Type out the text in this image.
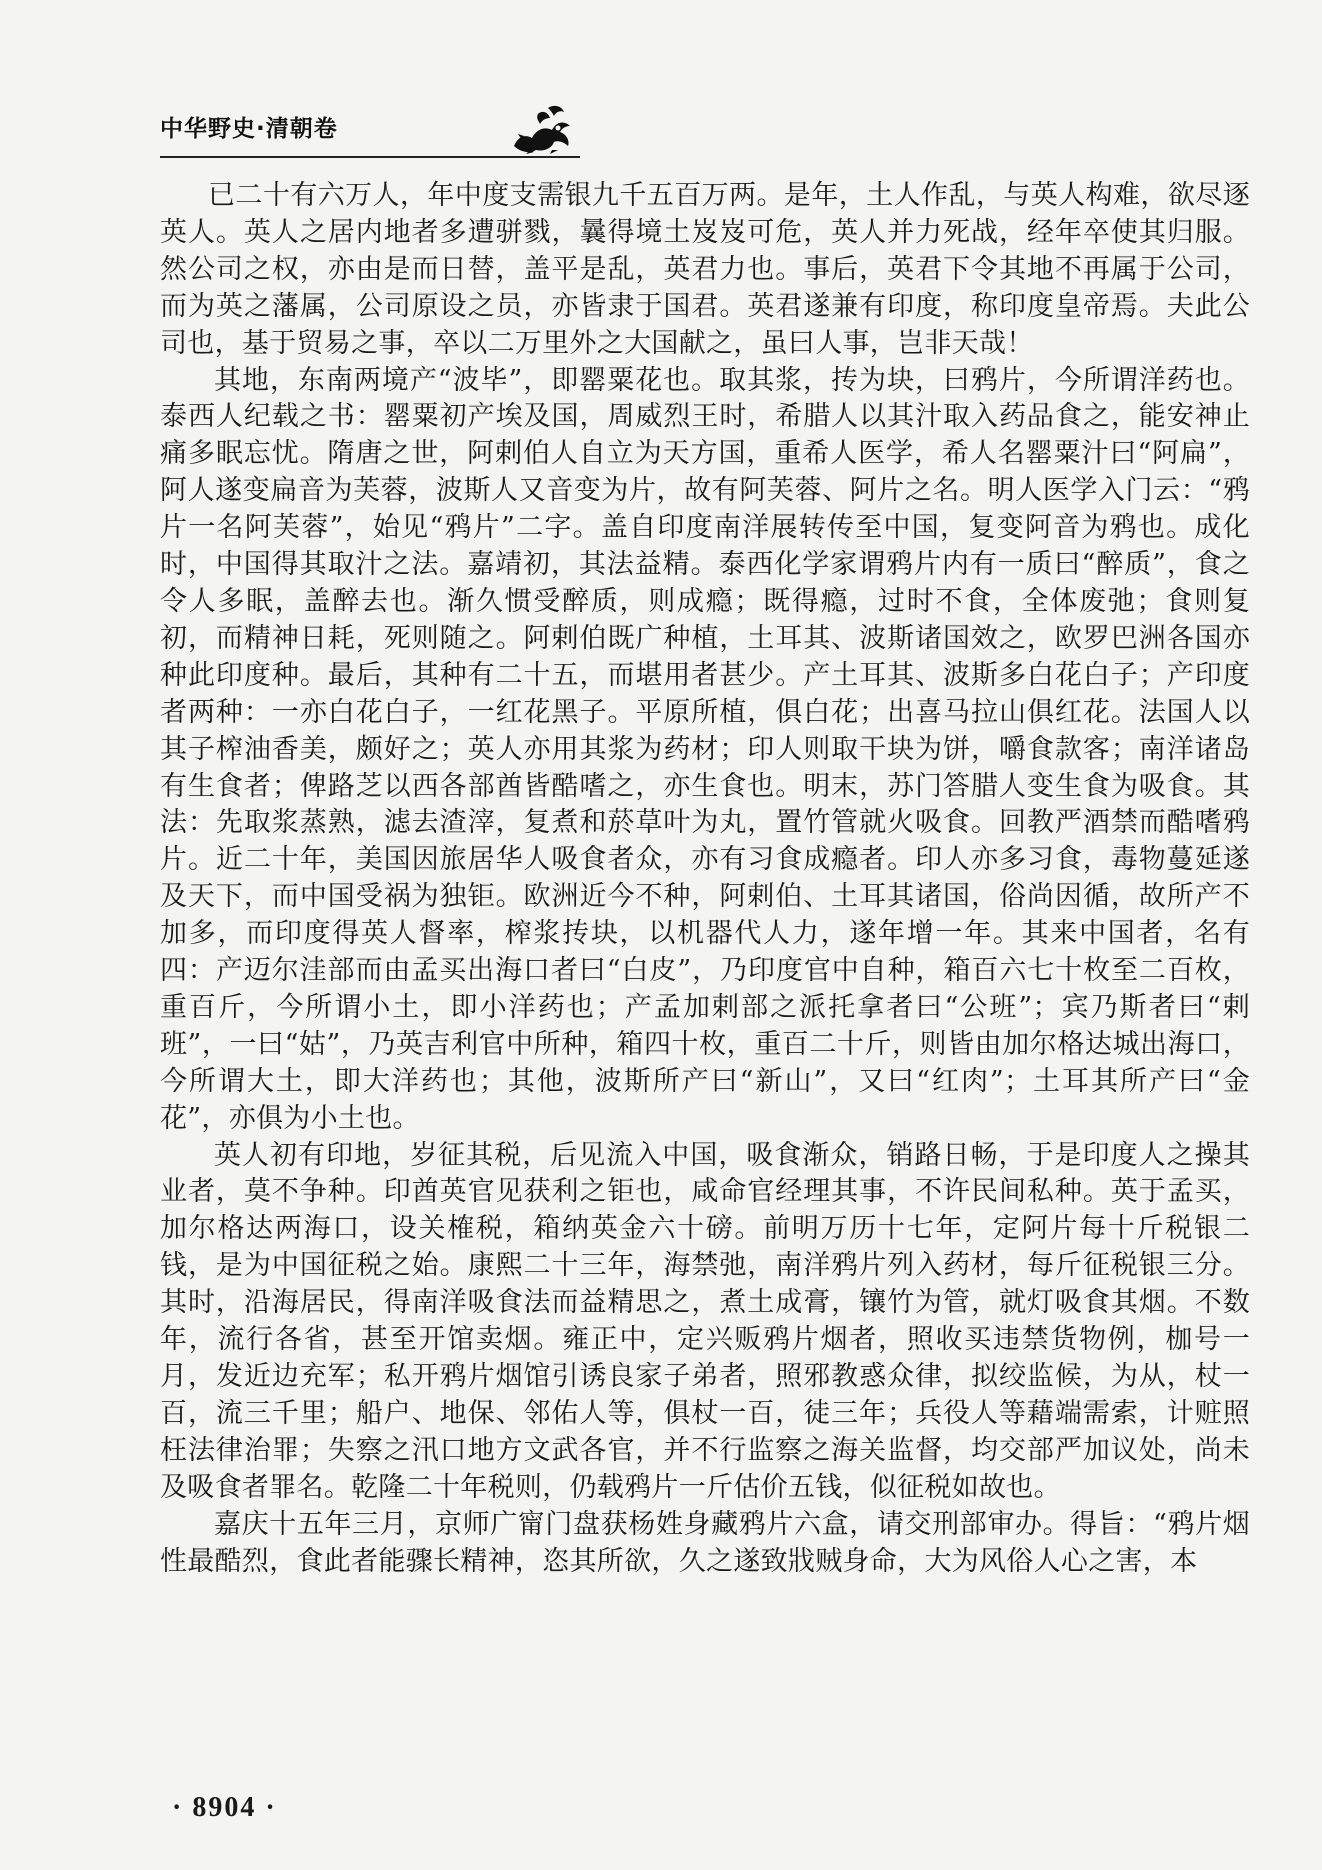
中华野史·清朝卷

已二十有六万人，年中度支需银九千五百万两。是年，土人作乱，与英人构难，欲尽逐英人。英人之居内地者多遭骈戮，曩得境土岌岌可危，英人并力死战，经年卒使其归服。然公司之权，亦由是而日替，盖平是乱，英君力也。事后，英君下令其地不再属于公司，而为英之藩属，公司原设之员，亦皆隶于国君。英君遂兼有印度，称印度皇帝焉。夫此公司也，基于贸易之事，卒以二万里外之大国献之，虽曰人事，岂非天哉！

其地，东南两境产“波毕”，即罂粟花也。取其浆，抟为块，曰鸦片，今所谓洋药也。泰西人纪载之书：罂粟初产埃及国，周威烈王时，希腊人以其汁取入药品食之，能安神止痛多眠忘忧。隋唐之世，阿剌伯人自立为天方国，重希人医学，希人名罂粟汁曰“阿扁”，阿人遂变扁音为芙蓉，波斯人又音变为片，故有阿芙蓉、阿片之名。明人医学入门云：“鸦片一名阿芙蓉”，始见“鸦片”二字。盖自印度南洋展转传至中国，复变阿音为鸦也。成化时，中国得其取汁之法。嘉靖初，其法益精。泰西化学家谓鸦片内有一质曰“醉质”，食之令人多眠，盖醉去也。渐久惯受醉质，则成瘾；既得瘾，过时不食，全体废弛；食则复初，而精神日耗，死则随之。阿剌伯既广种植，土耳其、波斯诸国效之，欧罗巴洲各国亦种此印度种。最后，其种有二十五，而堪用者甚少。产土耳其、波斯多白花白子；产印度者两种：一亦白花白子，一红花黑子。平原所植，俱白花；出喜马拉山俱红花。法国人以其子榨油香美，颇好之；英人亦用其浆为药材；印人则取干块为饼，嚼食款客；南洋诸岛有生食者；俾路芝以西各部酋皆酷嗜之，亦生食也。明末，苏门答腊人变生食为吸食。其法：先取浆蒸熟，滤去渣滓，复煮和菸草叶为丸，置竹管就火吸食。回教严酒禁而酷嗜鸦片。近二十年，美国因旅居华人吸食者众，亦有习食成瘾者。印人亦多习食，毒物蔓延遂及天下，而中国受祸为独钜。欧洲近今不种，阿剌伯、土耳其诸国，俗尚因循，故所产不加多，而印度得英人督率，榨浆抟块，以机器代人力，遂年增一年。其来中国者，名有四：产迈尔洼部而由孟买出海口者曰“白皮”，乃印度官中自种，箱百六七十枚至二百枚，重百斤，今所谓小土，即小洋药也；产孟加剌部之派托拿者曰“公班”；宾乃斯者曰“剌班”，一曰“姑”，乃英吉利官中所种，箱四十枚，重百二十斤，则皆由加尔格达城出海口，今所谓大土，即大洋药也；其他，波斯所产曰“新山”，又曰“红肉”；土耳其所产曰“金花”，亦俱为小土也。

英人初有印地，岁征其税，后见流入中国，吸食渐众，销路日畅，于是印度人之操其业者，莫不争种。印酋英官见获利之钜也，咸命官经理其事，不许民间私种。英于孟买，加尔格达两海口，设关榷税，箱纳英金六十磅。前明万历十七年，定阿片每十斤税银二钱，是为中国征税之始。康熙二十三年，海禁弛，南洋鸦片列入药材，每斤征税银三分。其时，沿海居民，得南洋吸食法而益精思之，煮土成膏，镶竹为管，就灯吸食其烟。不数年，流行各省，甚至开馆卖烟。雍正中，定兴贩鸦片烟者，照收买违禁货物例，枷号一月，发近边充军；私开鸦片烟馆引诱良家子弟者，照邪教惑众律，拟绞监候，为从，杖一百，流三千里；船户、地保、邻佑人等，俱杖一百，徒三年；兵役人等藉端需索，计赃照枉法律治罪；失察之汛口地方文武各官，并不行监察之海关监督，均交部严加议处，尚未及吸食者罪名。乾隆二十年税则，仍载鸦片一斤估价五钱，似征税如故也。

嘉庆十五年三月，京师广甯门盘获杨姓身藏鸦片六盒，请交刑部审办。得旨：“鸦片烟性最酷烈，食此者能骤长精神，恣其所欲，久之遂致戕贼身命，大为风俗人心之害，本

· 8904 ·
